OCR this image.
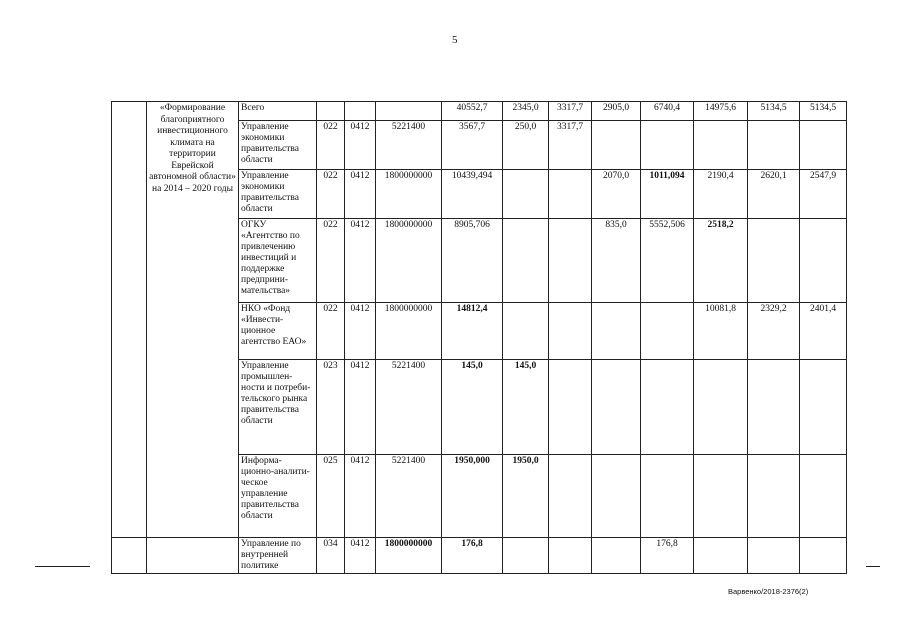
5
	«Формирование благоприятного инвестиционного климата на территории Еврейской автономной области» на 2014 – 2020 годы	Всего				40552,7	2345,0	3317,7	2905,0	6740,4	14975,6	5134,5	5134,5
		Управление экономики правительства области	022	0412	5221400	3567,7	250,0	3317,7					
		Управление экономики правительства области	022	0412	1800000000	10439,494			2070,0	1011,094	2190,4	2620,1	2547,9
		ОГКУ «Агентство по привлечению инвестиций и поддержке предприни-мательства»	022	0412	1800000000	8905,706			835,0	5552,506	2518,2		
		НКО «Фонд «Инвести-ционное агентство ЕАО»	022	0412	1800000000	14812,4					10081,8	2329,2	2401,4
		Управление промышлен-ности и потреби-тельского рынка правительства области	023	0412	5221400	145,0	145,0						
		Информа-ционно-аналити-ческое управление правительства области	025	0412	5221400	1950,000	1950,0						
		Управление по внутренней политике	034	0412	1800000000	176,8				176,8			
Варвенко/2018-2376(2)
